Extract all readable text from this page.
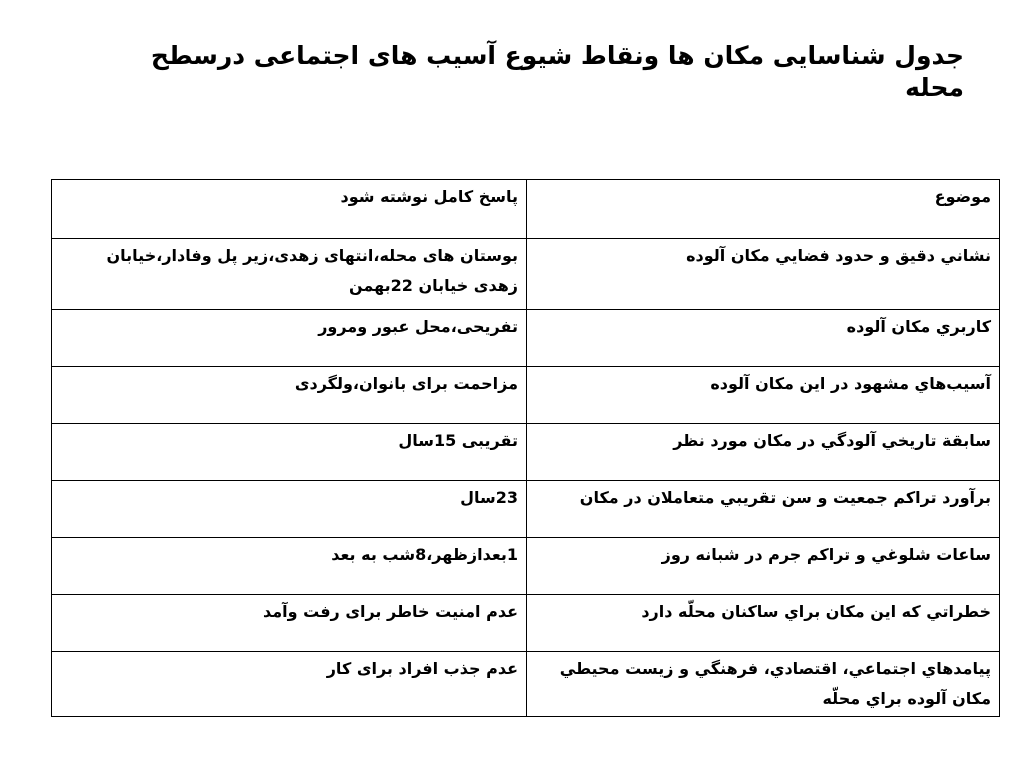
جدول شناسایی مکان ها ونقاط شیوع آسیب های اجتماعی درسطح محله
موضوع	پاسخ کامل نوشته شود
نشاني دقيق و حدود فضايي مكان آلوده	بوستان های محله،انتهای زهدی،زیر پل وفادار،خیابان زهدی خیابان 22بهمن
كاربري مكان آلوده	تفریحی،محل عبور ومرور
آسيب‌هاي مشهود در اين مكان آلوده	مزاحمت برای بانوان،ولگردی
سابقة تاريخي آلودگي در مكان مورد نظر	تقریبی 15سال
برآورد تراكم جمعيت و سن تقريبي متعاملان در مكان	23سال
ساعات شلوغي و تراكم جرم در شبانه روز	1بعدازظهر،8شب به بعد
خطراتي كه اين مكان براي ساكنان محلّه دارد	عدم امنیت خاطر برای رفت وآمد
پيامدهاي اجتماعي، اقتصادي، فرهنگي و زيست محيطي مكان آلوده براي محلّه	عدم جذب افراد برای کار
